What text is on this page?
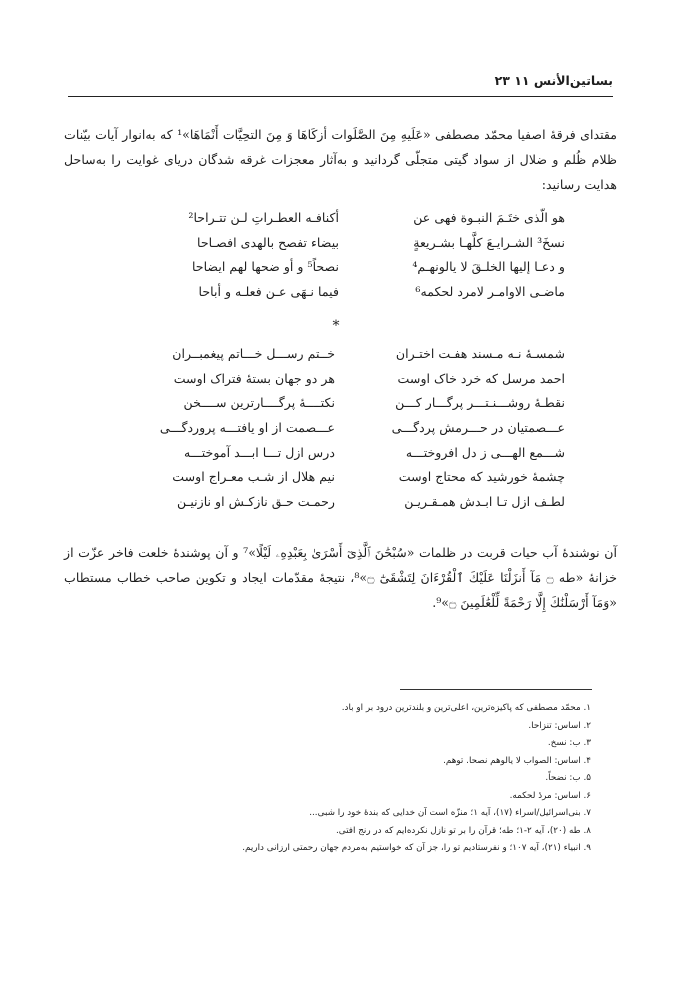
بساتین‌الأنس ۱۱ ۲۳

مقتدای فرقهٔ اصفیا محمّد مصطفی «عَلَیهِ مِنَ الصَّلَوات أزکَاهَا وَ مِنَ التحِیَّات أَنْمَاهَا»¹ که به‌انوار آیات بیّنات ظلام ظُلم و ضلال از سواد گیتی متجلّی گردانید و به‌آثار معجزات غرقه شدگان دریای غوایت را به‌ساحل هدایت رسانید:

هو الّذی ختَـمَ النبـوة فهی عن
نسخَ³ الشـرایـعَ کلَّهـا بشـریعةٍ
و دعـا إلیها الخلـقَ لا یالونهـم⁴
ماضـی الاوامـر لامرد لحکمه⁶
أکنافـه العطـراتِ لـن تتـراحا²
بیضاء تفصح بالهدی افصـاحا
نصحاً⁵ و أو ضحها لهم ایضاحا
فیما نـهَی عـن فعلـه و أباحا
*
شمسـهٔ نـه مـسند هفـت اختـران
احمد مرسل که خرد خاک اوست
نقطـهٔ روشـــنـتـــر پرگـــار کـــن
عـــصمتیان در حـــرمش پردگـــی
شـــمع الهـــی ز دل افروختـــه
چشمهٔ خورشید که محتاج اوست
لطـف ازل تـا ابـدش همـقـریـن
خــتم رســـل خـــاتم پیغمبــران
هر دو جهان بستهٔ فتراک اوست
نکتــــهٔ پرگــــارترین ســــخن
عـــصمت از او یافتـــه پروردگـــی
درس ازل تـــا ابـــد آموختـــه
نیم هلال از شـب معـراج اوست
رحمـت حـق نازکـش او نازنیـن

آن نوشندهٔ آب حیات قربت در ظلمات «سُبْحَٰنَ ٱلَّذِیٓ أَسْرَىٰ بِعَبْدِهِۦ لَیْلًا»⁷ و آن پوشندهٔ خلعت فاخر عزّت از خزانهٔ «طه ۝ مَآ أَنزَلْنَا عَلَیْكَ ٱلْقُرْءَانَ لِتَشْقَىٰٓ ۝»⁸، نتیجهٔ مقدّمات ایجاد و تکوین صاحب خطاب مستطاب «وَمَآ أَرْسَلْنَٰكَ إِلَّا رَحْمَةً لِّلْعَٰلَمِینَ ۝»⁹.

۱. محمّد مصطفی که پاکیزه‌ترین، اعلی‌ترین و بلندترین درود بر او باد.
۲. اساس: تنزاحا.
۳. ب: نسخ.
۴. اساس: الصواب لا یالوهم نصحا. توهم.
۵. ب: نضحاً.
۶. اساس: مردٔ لحکمه.
۷. بنی‌اسرائیل/اسراء (۱۷)، آیه ۱؛ منزّه است آن خدایی که بندهٔ خود را شبی...
۸. طه (۲۰)، آیه ۲-۱؛ طه؛ قرآن را بر تو نازل نکرده‌ایم که در رنج افتی.
۹. انبیاء (۲۱)، آیه ۱۰۷؛ و نفرستادیم تو را، جز آن که خواستیم به‌مردم جهان رحمتی ارزانی داریم.
